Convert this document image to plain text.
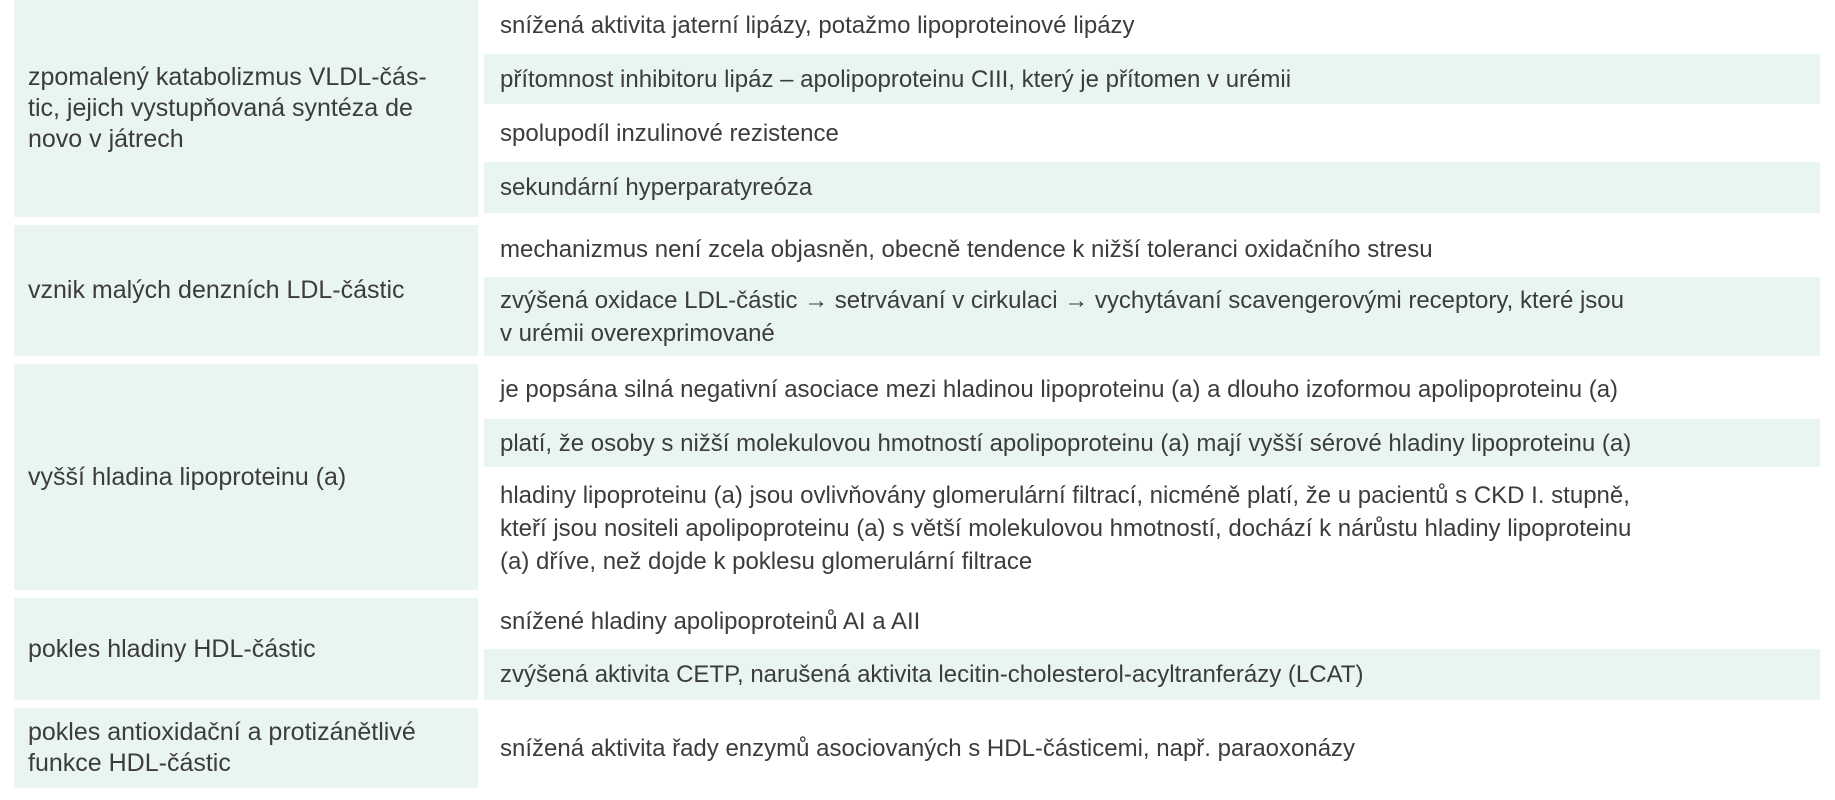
zpomalený katabolizmus VLDL-čás-
tic, jejich vystupňovaná syntéza de
novo v játrech
snížená aktivita jaterní lipázy, potažmo lipoproteinové lipázy
přítomnost inhibitoru lipáz – apolipoproteinu CIII, který je přítomen v urémii
spolupodíl inzulinové rezistence
sekundární hyperparatyreóza
vznik malých denzních LDL-částic
mechanizmus není zcela objasněn, obecně tendence k nižší toleranci oxidačního stresu
zvýšená oxidace LDL-částic → setrvávaní v cirkulaci → vychytávaní scavengerovými receptory, které jsou
v urémii overexprimované
vyšší hladina lipoproteinu (a)
je popsána silná negativní asociace mezi hladinou lipoproteinu (a) a dlouho izoformou apolipoproteinu (a)
platí, že osoby s nižší molekulovou hmotností apolipoproteinu (a) mají vyšší sérové hladiny lipoproteinu (a)
hladiny lipoproteinu (a) jsou ovlivňovány glomerulární filtrací, nicméně platí, že u pacientů s CKD I. stupně,
kteří jsou nositeli apolipoproteinu (a) s větší molekulovou hmotností, dochází k nárůstu hladiny lipoproteinu
(a) dříve, než dojde k poklesu glomerulární filtrace
pokles hladiny HDL-částic
snížené hladiny apolipoproteinů AI a AII
zvýšená aktivita CETP, narušená aktivita lecitin-cholesterol-acyltranferázy (LCAT)
pokles antioxidační a protizánětlivé
funkce HDL-částic
snížená aktivita řady enzymů asociovaných s HDL-částicemi, např. paraoxonázy
